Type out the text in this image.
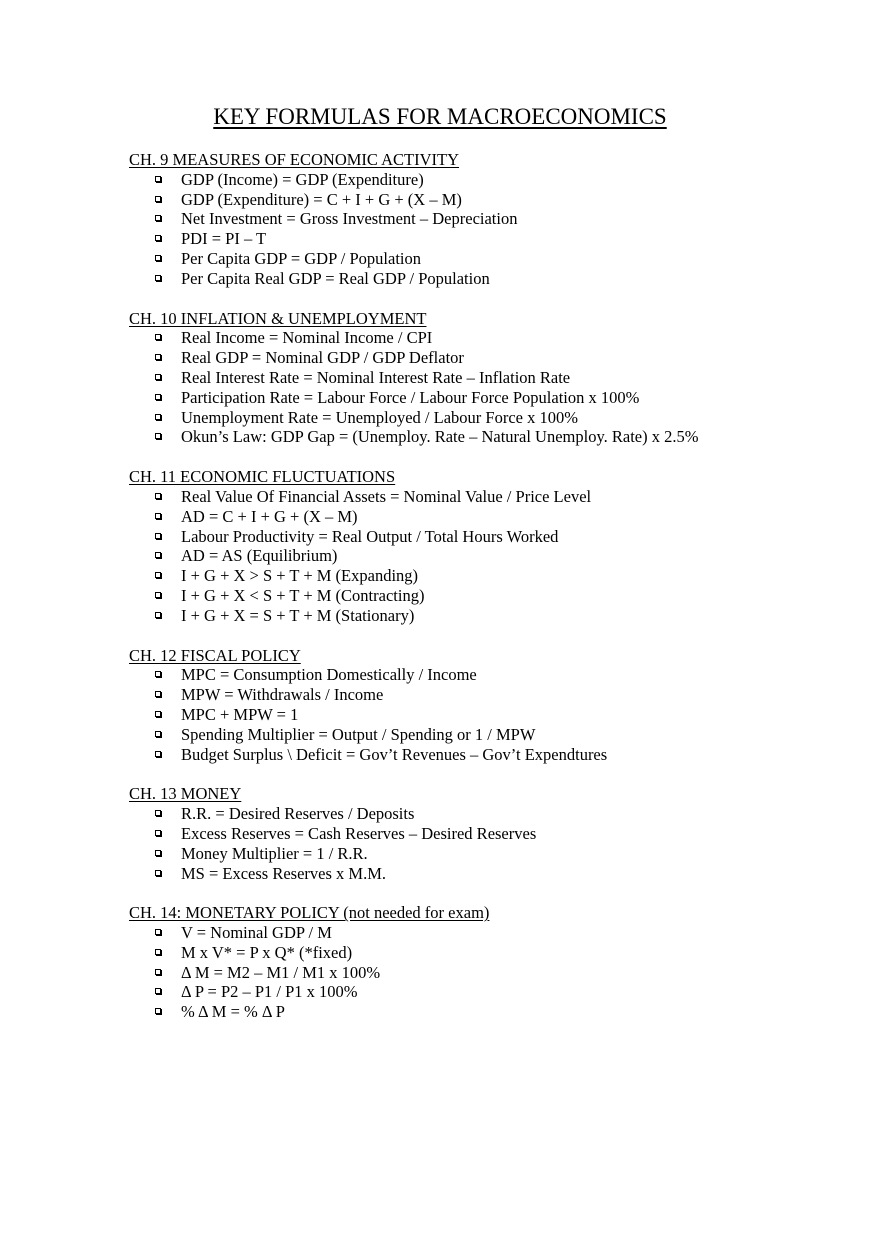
KEY FORMULAS FOR MACROECONOMICS
CH. 9 MEASURES OF ECONOMIC ACTIVITY
GDP (Income) = GDP (Expenditure)
GDP (Expenditure) = C + I + G + (X – M)
Net Investment = Gross Investment – Depreciation
PDI = PI – T
Per Capita GDP = GDP / Population
Per Capita Real GDP = Real GDP / Population
CH. 10 INFLATION & UNEMPLOYMENT
Real Income = Nominal Income / CPI
Real GDP = Nominal GDP / GDP Deflator
Real Interest Rate = Nominal Interest Rate – Inflation Rate
Participation Rate = Labour Force / Labour Force Population x 100%
Unemployment Rate = Unemployed / Labour Force x 100%
Okun’s Law: GDP Gap = (Unemploy. Rate – Natural Unemploy. Rate) x 2.5%
CH. 11 ECONOMIC FLUCTUATIONS
Real Value Of Financial Assets = Nominal Value / Price Level
AD = C + I + G + (X – M)
Labour Productivity = Real Output / Total Hours Worked
AD = AS (Equilibrium)
I + G + X > S + T + M (Expanding)
I + G + X < S + T + M (Contracting)
I + G + X = S + T + M (Stationary)
CH. 12 FISCAL POLICY
MPC = Consumption Domestically / Income
MPW = Withdrawals / Income
MPC + MPW = 1
Spending Multiplier = Output / Spending or 1 / MPW
Budget Surplus \ Deficit = Gov’t Revenues – Gov’t Expendtures
CH. 13 MONEY
R.R. = Desired Reserves / Deposits
Excess Reserves = Cash Reserves – Desired Reserves
Money Multiplier = 1 / R.R.
MS = Excess Reserves x M.M.
CH. 14: MONETARY POLICY (not needed for exam)
V = Nominal GDP / M
M x V* = P x Q* (*fixed)
Δ M = M2 – M1 / M1 x 100%
Δ P = P2 – P1 / P1 x 100%
% Δ M = % Δ P
